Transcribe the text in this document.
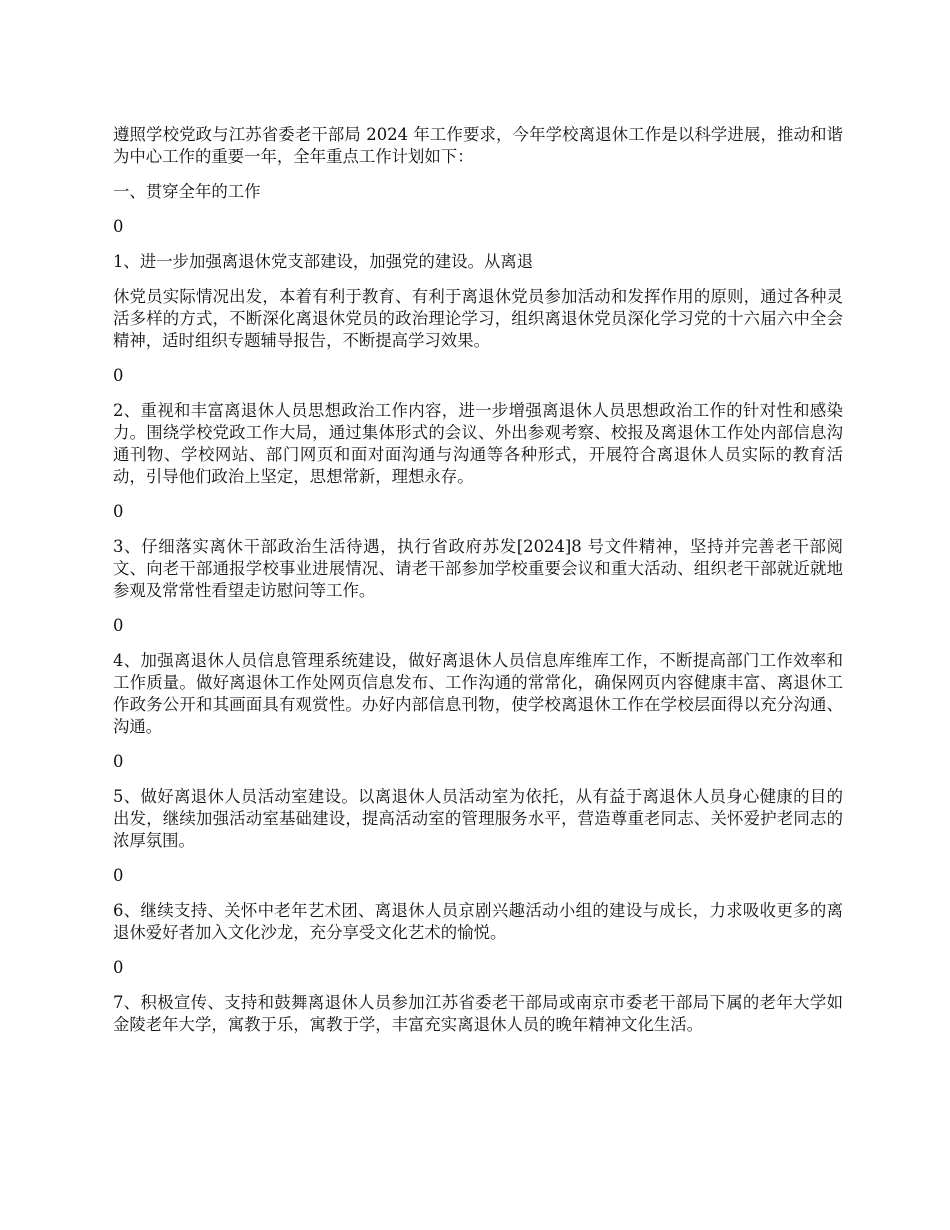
遵照学校党政与江苏省委老干部局 2024 年工作要求，今年学校离退休工作是以科学进展，推动和谐为中心工作的重要一年，全年重点工作计划如下：

一、贯穿全年的工作

0

1、进一步加强离退休党支部建设，加强党的建设。从离退

休党员实际情况出发，本着有利于教育、有利于离退休党员参加活动和发挥作用的原则，通过各种灵活多样的方式，不断深化离退休党员的政治理论学习，组织离退休党员深化学习党的十六届六中全会精神，适时组织专题辅导报告，不断提高学习效果。

0

2、重视和丰富离退休人员思想政治工作内容，进一步增强离退休人员思想政治工作的针对性和感染力。围绕学校党政工作大局，通过集体形式的会议、外出参观考察、校报及离退休工作处内部信息沟通刊物、学校网站、部门网页和面对面沟通与沟通等各种形式，开展符合离退休人员实际的教育活动，引导他们政治上坚定，思想常新，理想永存。

0

3、仔细落实离休干部政治生活待遇，执行省政府苏发[2024]8 号文件精神，坚持并完善老干部阅文、向老干部通报学校事业进展情况、请老干部参加学校重要会议和重大活动、组织老干部就近就地参观及常常性看望走访慰问等工作。

0

4、加强离退休人员信息管理系统建设，做好离退休人员信息库维库工作，不断提高部门工作效率和工作质量。做好离退休工作处网页信息发布、工作沟通的常常化，确保网页内容健康丰富、离退休工作政务公开和其画面具有观赏性。办好内部信息刊物，使学校离退休工作在学校层面得以充分沟通、沟通。

0

5、做好离退休人员活动室建设。以离退休人员活动室为依托，从有益于离退休人员身心健康的目的出发，继续加强活动室基础建设，提高活动室的管理服务水平，营造尊重老同志、关怀爱护老同志的浓厚氛围。

0

6、继续支持、关怀中老年艺术团、离退休人员京剧兴趣活动小组的建设与成长，力求吸收更多的离退休爱好者加入文化沙龙，充分享受文化艺术的愉悦。

0

7、积极宣传、支持和鼓舞离退休人员参加江苏省委老干部局或南京市委老干部局下属的老年大学如金陵老年大学，寓教于乐，寓教于学，丰富充实离退休人员的晚年精神文化生活。
